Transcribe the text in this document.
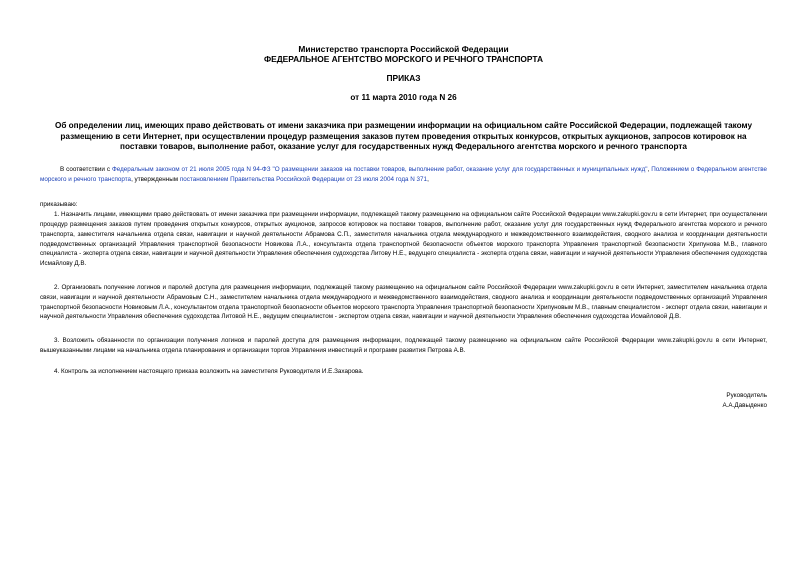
Министерство транспорта Российской Федерации
ФЕДЕРАЛЬНОЕ АГЕНТСТВО МОРСКОГО И РЕЧНОГО ТРАНСПОРТА
ПРИКАЗ
от 11 марта 2010 года N 26
Об определении лиц, имеющих право действовать от имени заказчика при размещении информации на официальном сайте Российской Федерации, подлежащей такому размещению в сети Интернет, при осуществлении процедур размещения заказов путем проведения открытых конкурсов, открытых аукционов, запросов котировок на поставки товаров, выполнение работ, оказание услуг для государственных нужд Федерального агентства морского и речного транспорта

В соответствии с Федеральным законом от 21 июля 2005 года N 94-ФЗ "О размещении заказов на поставки товаров, выполнение работ, оказание услуг для государственных и муниципальных нужд", Положением о Федеральном агентстве морского и речного транспорта, утвержденным постановлением Правительства Российской Федерации от 23 июля 2004 года N 371,

приказываю:

1. Назначить лицами, имеющими право действовать от имени заказчика при размещении информации, подлежащей такому размещению на официальном сайте Российской Федерации www.zakupki.gov.ru в сети Интернет, при осуществлении процедур размещения заказов путем проведения открытых конкурсов, открытых аукционов, запросов котировок на поставки товаров, выполнение работ, оказание услуг для государственных нужд Федерального агентства морского и речного транспорта, заместителя начальника отдела связи, навигации и научной деятельности Абрамова С.П., заместителя начальника отдела международного и межведомственного взаимодействия, сводного анализа и координации деятельности подведомственных организаций Управления транспортной безопасности Новикова Л.А., консультанта отдела транспортной безопасности объектов морского транспорта Управления транспортной безопасности Хрипунова М.В., главного специалиста - эксперта отдела связи, навигации и научной деятельности Управления обеспечения судоходства Литову Н.Е., ведущего специалиста - эксперта отдела связи, навигации и научной деятельности Управления обеспечения судоходства Исмайлову Д.В.

2. Организовать получение логинов и паролей доступа для размещения информации, подлежащей такому размещению на официальном сайте Российской Федерации www.zakupki.gov.ru в сети Интернет, заместителем начальника отдела связи, навигации и научной деятельности Абрамовым С.Н., заместителем начальника отдела международного и межведомственного взаимодействия, сводного анализа и координации деятельности подведомственных организаций Управления транспортной безопасности Новиковым Л.А., консультантом отдела транспортной безопасности объектов морского транспорта Управления транспортной безопасности Хрипуновым М.В., главным специалистом - эксперт отдела связи, навигации и научной деятельности Управления обеспечения судоходства Литовой Н.Е., ведущим специалистом - экспертом отдела связи, навигации и научной деятельности Управления обеспечения судоходства Исмайловой Д.В.

3. Возложить обязанности по организации получения логинов и паролей доступа для размещения информации, подлежащей такому размещению на официальном сайте Российской Федерации www.zakupki.gov.ru в сети Интернет, вышеуказанными лицами на начальника отдела планирования и организации торгов Управления инвестиций и программ развития Петрова А.В.

4. Контроль за исполнением настоящего приказа возложить на заместителя Руководителя И.Е.Захарова.

Руководитель
А.А.Давыденко
